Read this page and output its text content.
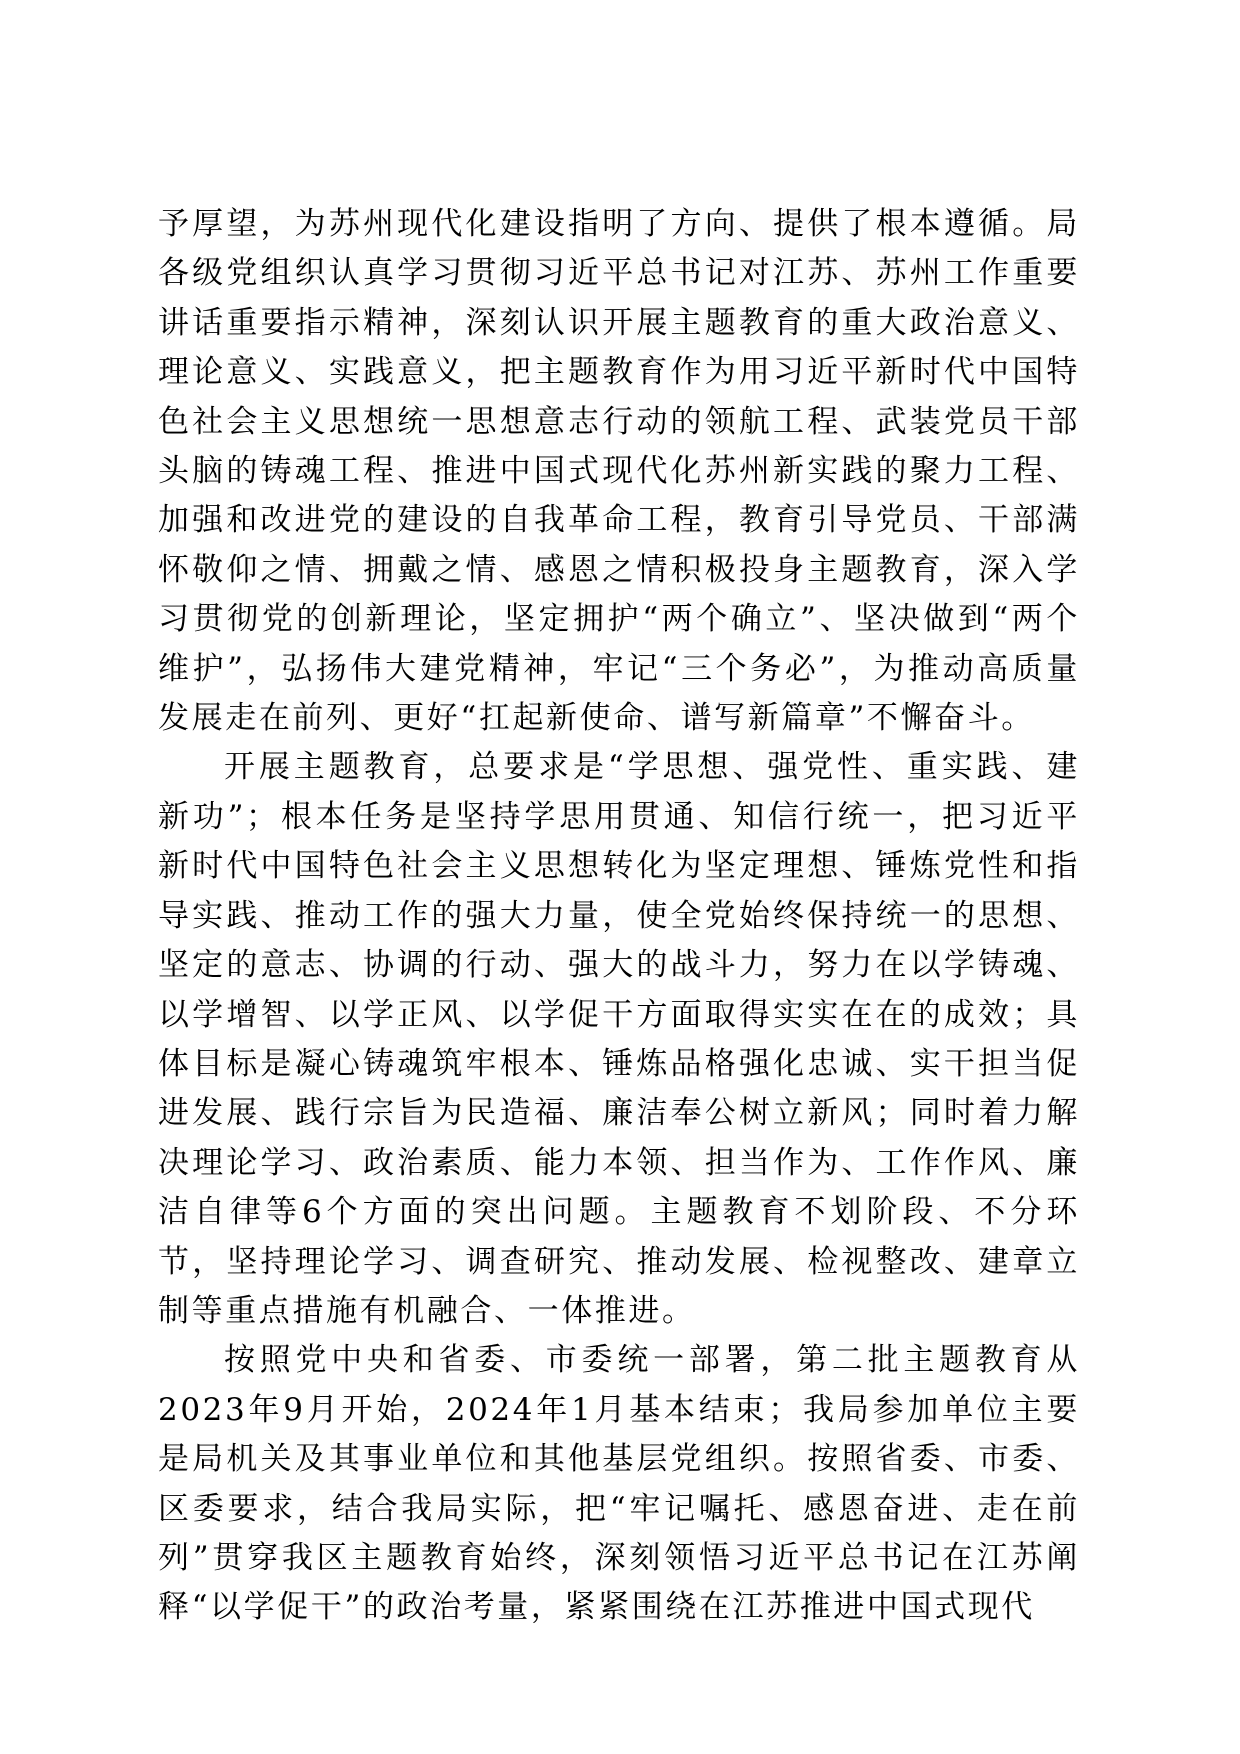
予厚望，为苏州现代化建设指明了方向、提供了根本遵循。局各级党组织认真学习贯彻习近平总书记对江苏、苏州工作重要讲话重要指示精神，深刻认识开展主题教育的重大政治意义、理论意义、实践意义，把主题教育作为用习近平新时代中国特色社会主义思想统一思想意志行动的领航工程、武装党员干部头脑的铸魂工程、推进中国式现代化苏州新实践的聚力工程、加强和改进党的建设的自我革命工程，教育引导党员、干部满怀敬仰之情、拥戴之情、感恩之情积极投身主题教育，深入学习贯彻党的创新理论，坚定拥护“两个确立”、坚决做到“两个维护”，弘扬伟大建党精神，牢记“三个务必”，为推动高质量发展走在前列、更好“扛起新使命、谱写新篇章”不懈奋斗。

开展主题教育，总要求是“学思想、强党性、重实践、建新功”；根本任务是坚持学思用贯通、知信行统一，把习近平新时代中国特色社会主义思想转化为坚定理想、锤炼党性和指导实践、推动工作的强大力量，使全党始终保持统一的思想、坚定的意志、协调的行动、强大的战斗力，努力在以学铸魂、以学增智、以学正风、以学促干方面取得实实在在的成效；具体目标是凝心铸魂筑牢根本、锤炼品格强化忠诚、实干担当促进发展、践行宗旨为民造福、廉洁奉公树立新风；同时着力解决理论学习、政治素质、能力本领、担当作为、工作作风、廉洁自律等6个方面的突出问题。主题教育不划阶段、不分环节，坚持理论学习、调查研究、推动发展、检视整改、建章立制等重点措施有机融合、一体推进。

按照党中央和省委、市委统一部署，第二批主题教育从2023年9月开始，2024年1月基本结束；我局参加单位主要是局机关及其事业单位和其他基层党组织。按照省委、市委、区委要求，结合我局实际，把“牢记嘱托、感恩奋进、走在前列”贯穿我区主题教育始终，深刻领悟习近平总书记在江苏阐释“以学促干”的政治考量，紧紧围绕在江苏推进中国式现代
